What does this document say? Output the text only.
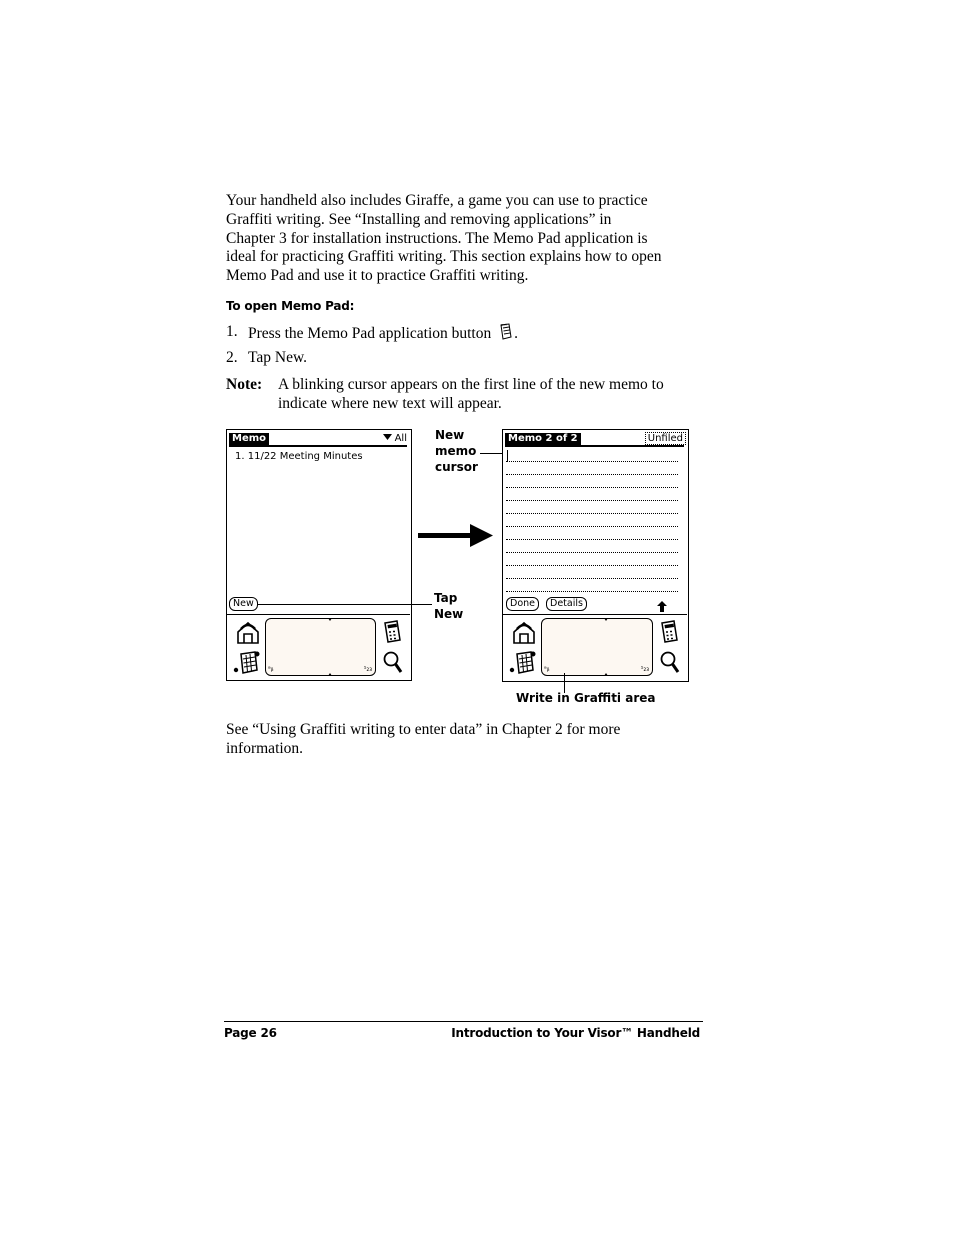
Your handheld also includes Giraffe, a game you can use to practice
Graffiti writing. See “Installing and removing applications” in
Chapter 3 for installation instructions. The Memo Pad application is
ideal for practicing Graffiti writing. This section explains how to open
Memo Pad and use it to practice Graffiti writing.
To open Memo Pad:
1. Press the Memo Pad application button .
2. Tap New.
Note: A blinking cursor appears on the first line of the new memo to
indicate where new text will appear.
Memo	All
1. 11/22 Meeting Minutes
New
ᵃᵦ	¹₂₃
Tap
New
New
memo
cursor
Memo 2 of 2	Unfiled
Done	Details
ᵃᵦ	¹₂₃
Write in Graffiti area
See “Using Graffiti writing to enter data” in Chapter 2 for more
information.
Page 26	Introduction to Your Visor™ Handheld
